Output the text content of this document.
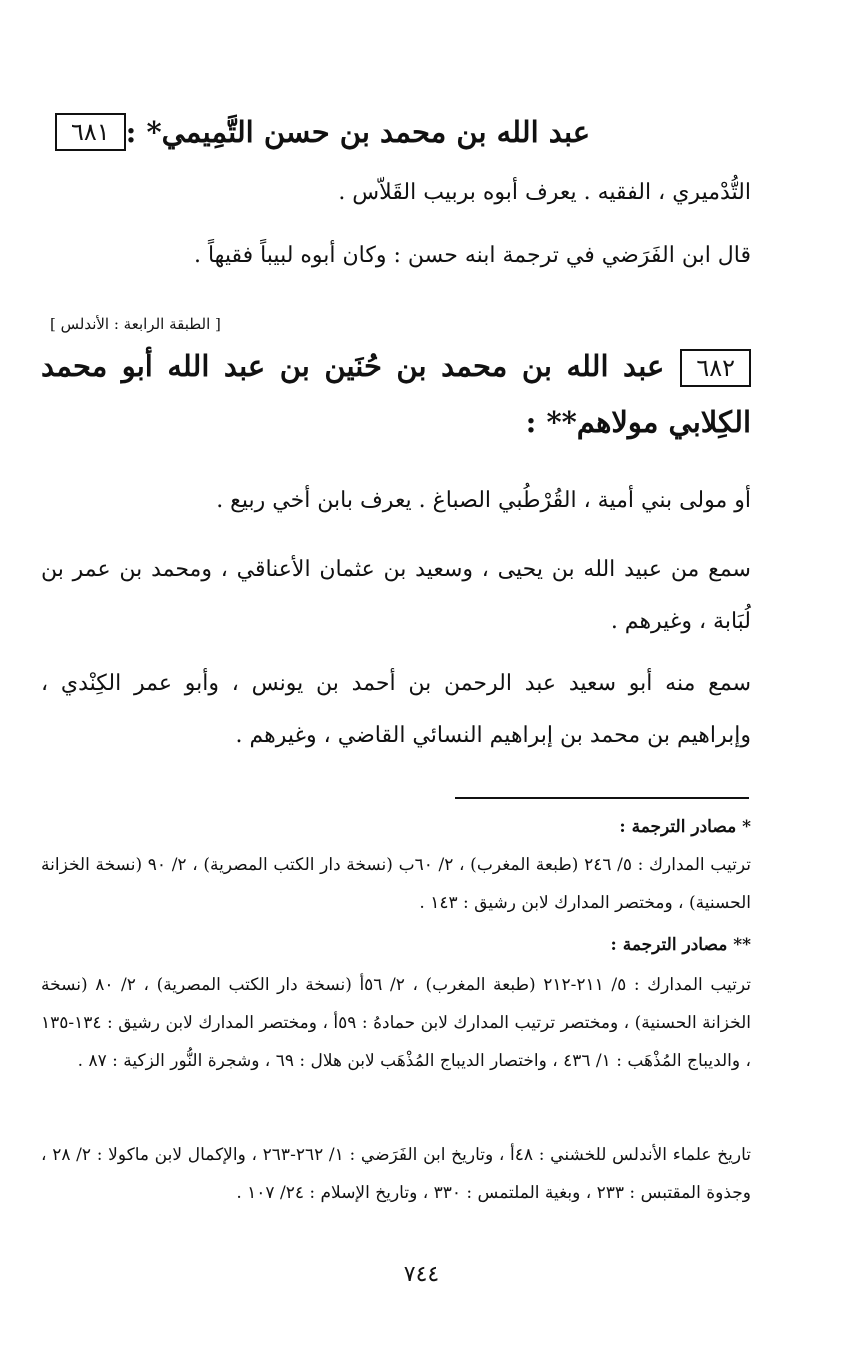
٦٨١	عبد الله بن محمد بن حسن التَّمِيمي* :
التُّدْميري ، الفقيه . يعرف أبوه بربيب القَلاّس .
قال ابن الفَرَضي في ترجمة ابنه حسن : وكان أبوه لبيباً فقيهاً .
[ الطبقة الرابعة : الأندلس ]
٦٨٢عبد الله بن محمد بن حُنَين بن عبد الله أبو محمد الكِلابي مولاهم** :
أو مولى بني أمية ، القُرْطُبي الصباغ . يعرف بابن أخي ربيع .
سمع من عبيد الله بن يحيى ، وسعيد بن عثمان الأعناقي ، ومحمد بن عمر بن لُبَابة ، وغيرهم .
سمع منه أبو سعيد عبد الرحمن بن أحمد بن يونس ، وأبو عمر الكِنْدي ، وإبراهيم بن محمد بن إبراهيم النسائي القاضي ، وغيرهم .
* مصادر الترجمة :
ترتيب المدارك : ٥/ ٢٤٦ (طبعة المغرب) ، ٢/ ٦٠ب (نسخة دار الكتب المصرية) ، ٢/ ٩٠ (نسخة الخزانة الحسنية) ، ومختصر المدارك لابن رشيق : ١٤٣ .
** مصادر الترجمة :
ترتيب المدارك : ٥/ ٢١١-٢١٢ (طبعة المغرب) ، ٢/ ٥٦أ (نسخة دار الكتب المصرية) ، ٢/ ٨٠ (نسخة الخزانة الحسنية) ، ومختصر ترتيب المدارك لابن حمادهُ : ٥٩أ ، ومختصر المدارك لابن رشيق : ١٣٤-١٣٥ ، والديباج المُذْهَب : ١/ ٤٣٦ ، واختصار الديباج المُذْهَب لابن هلال : ٦٩ ، وشجرة النُّور الزكية : ٨٧ .
تاريخ علماء الأندلس للخشني : ٤٨أ ، وتاريخ ابن الفَرَضي : ١/ ٢٦٢-٢٦٣ ، والإكمال لابن ماكولا : ٢/ ٢٨ ، وجذوة المقتبس : ٢٣٣ ، وبغية الملتمس : ٣٣٠ ، وتاريخ الإسلام : ٢٤/ ١٠٧ .
٧٤٤
